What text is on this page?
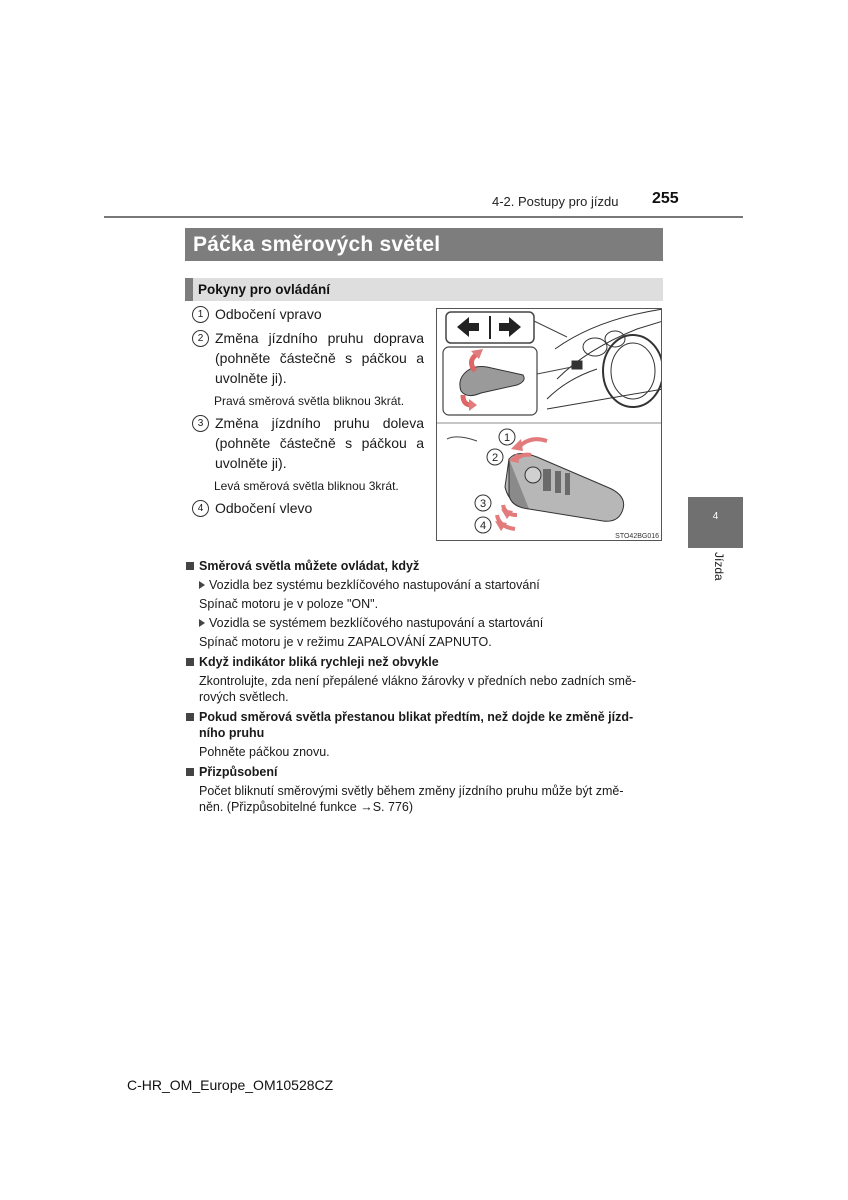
4-2. Postupy pro jízdu 255
Páčka směrových světel
Pokyny pro ovládání
1 Odbočení vpravo
2 Změna jízdního pruhu doprava (pohněte částečně s páčkou a uvolněte ji).
Pravá směrová světla bliknou 3krát.
3 Změna jízdního pruhu doleva (pohněte částečně s páčkou a uvolněte ji).
Levá směrová světla bliknou 3krát.
4 Odbočení vlevo
1
2
3
4
STO42BG016
4
Jízda
Směrová světla můžete ovládat, když
Vozidla bez systému bezklíčového nastupování a startování
Spínač motoru je v poloze "ON".
Vozidla se systémem bezklíčového nastupování a startování
Spínač motoru je v režimu ZAPALOVÁNÍ ZAPNUTO.
Když indikátor bliká rychleji než obvykle
Zkontrolujte, zda není přepálené vlákno žárovky v předních nebo zadních smě-
rových světlech.
Pokud směrová světla přestanou blikat předtím, než dojde ke změně jízd-
ního pruhu
Pohněte páčkou znovu.
Přizpůsobení
Počet bliknutí směrovými světly během změny jízdního pruhu může být změ-
něn. (Přizpůsobitelné funkce →S. 776)
C-HR_OM_Europe_OM10528CZ
